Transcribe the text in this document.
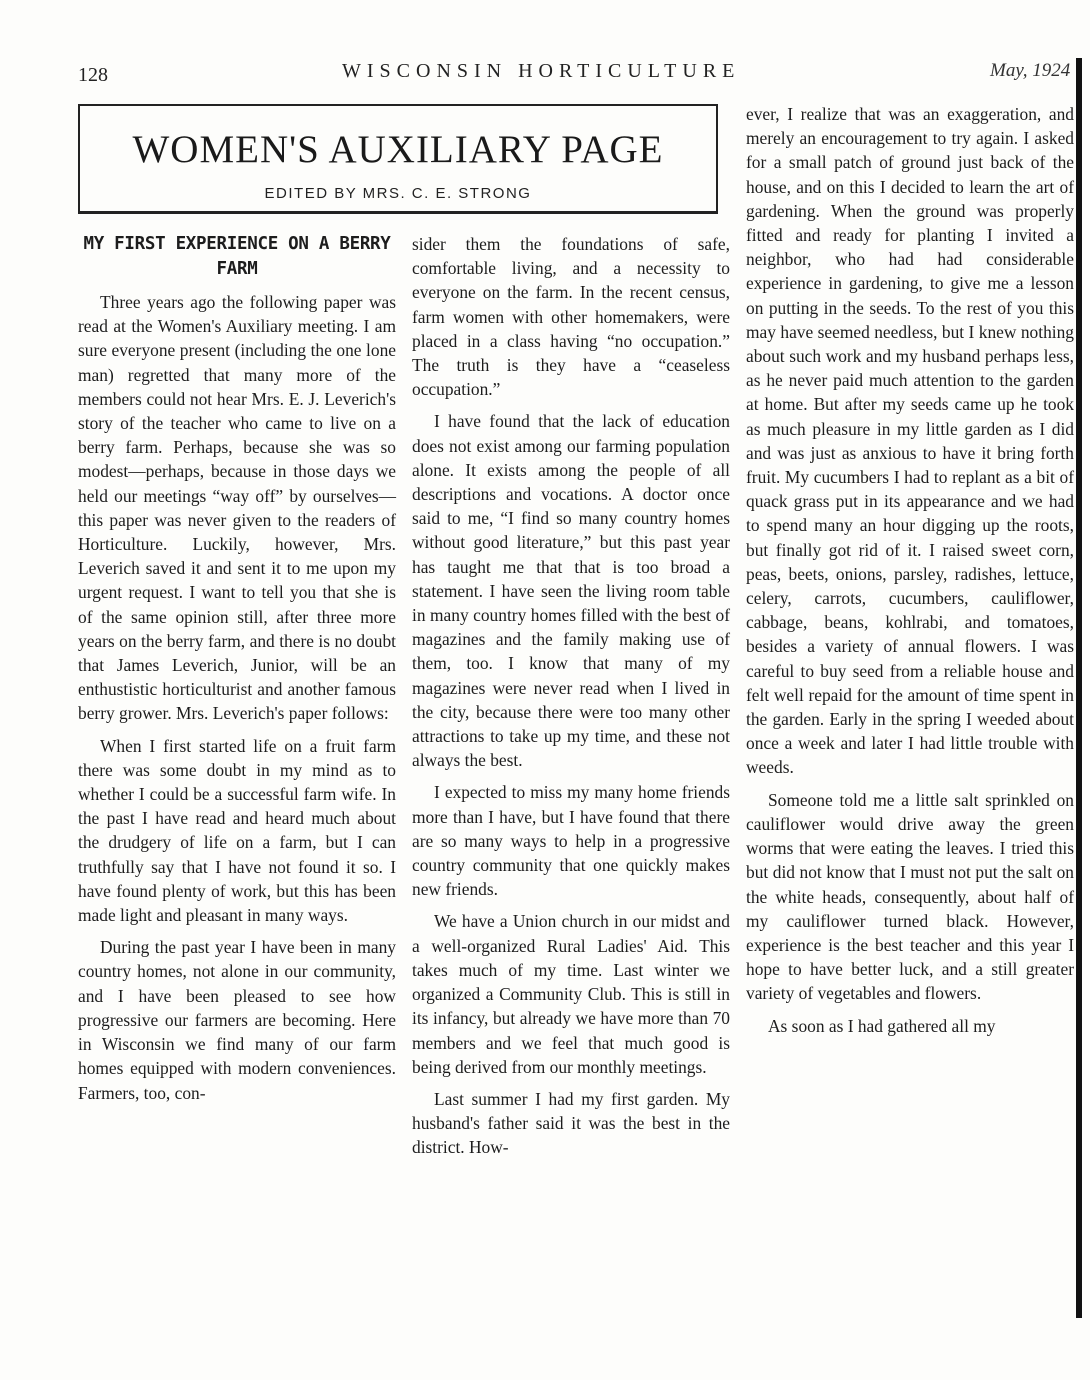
128	WISCONSIN HORTICULTURE	May, 1924
WOMEN'S AUXILIARY PAGE
EDITED BY MRS. C. E. STRONG
MY FIRST EXPERIENCE ON A BERRY FARM

Three years ago the following paper was read at the Women's Auxiliary meeting. I am sure everyone present (including the one lone man) regretted that many more of the members could not hear Mrs. E. J. Leverich's story of the teacher who came to live on a berry farm. Perhaps, because she was so modest—perhaps, because in those days we held our meetings “way off” by ourselves—this paper was never given to the readers of Horticulture. Luckily, however, Mrs. Leverich saved it and sent it to me upon my urgent request. I want to tell you that she is of the same opinion still, after three more years on the berry farm, and there is no doubt that James Leverich, Junior, will be an enthustistic horticulturist and another famous berry grower. Mrs. Leverich's paper follows:

When I first started life on a fruit farm there was some doubt in my mind as to whether I could be a successful farm wife. In the past I have read and heard much about the drudgery of life on a farm, but I can truthfully say that I have not found it so. I have found plenty of work, but this has been made light and pleasant in many ways.

During the past year I have been in many country homes, not alone in our community, and I have been pleased to see how progressive our farmers are becoming. Here in Wisconsin we find many of our farm homes equipped with modern conveniences. Farmers, too, con-

sider them the foundations of safe, comfortable living, and a necessity to everyone on the farm. In the recent census, farm women with other homemakers, were placed in a class having “no occupation.” The truth is they have a “ceaseless occupation.”

I have found that the lack of education does not exist among our farming population alone. It exists among the people of all descriptions and vocations. A doctor once said to me, “I find so many country homes without good literature,” but this past year has taught me that that is too broad a statement. I have seen the living room table in many country homes filled with the best of magazines and the family making use of them, too. I know that many of my magazines were never read when I lived in the city, because there were too many other attractions to take up my time, and these not always the best.

I expected to miss my many home friends more than I have, but I have found that there are so many ways to help in a progressive country community that one quickly makes new friends.

We have a Union church in our midst and a well-organized Rural Ladies' Aid. This takes much of my time. Last winter we organized a Community Club. This is still in its infancy, but already we have more than 70 members and we feel that much good is being derived from our monthly meetings.

Last summer I had my first garden. My husband's father said it was the best in the district. How-

ever, I realize that was an exaggeration, and merely an encouragement to try again. I asked for a small patch of ground just back of the house, and on this I decided to learn the art of gardening. When the ground was properly fitted and ready for planting I invited a neighbor, who had had considerable experience in gardening, to give me a lesson on putting in the seeds. To the rest of you this may have seemed needless, but I knew nothing about such work and my husband perhaps less, as he never paid much attention to the garden at home. But after my seeds came up he took as much pleasure in my little garden as I did and was just as anxious to have it bring forth fruit. My cucumbers I had to replant as a bit of quack grass put in its appearance and we had to spend many an hour digging up the roots, but finally got rid of it. I raised sweet corn, peas, beets, onions, parsley, radishes, lettuce, celery, carrots, cucumbers, cauliflower, cabbage, beans, kohlrabi, and tomatoes, besides a variety of annual flowers. I was careful to buy seed from a reliable house and felt well repaid for the amount of time spent in the garden. Early in the spring I weeded about once a week and later I had little trouble with weeds.

Someone told me a little salt sprinkled on cauliflower would drive away the green worms that were eating the leaves. I tried this but did not know that I must not put the salt on the white heads, consequently, about half of my cauliflower turned black. However, experience is the best teacher and this year I hope to have better luck, and a still greater variety of vegetables and flowers.

As soon as I had gathered all my
